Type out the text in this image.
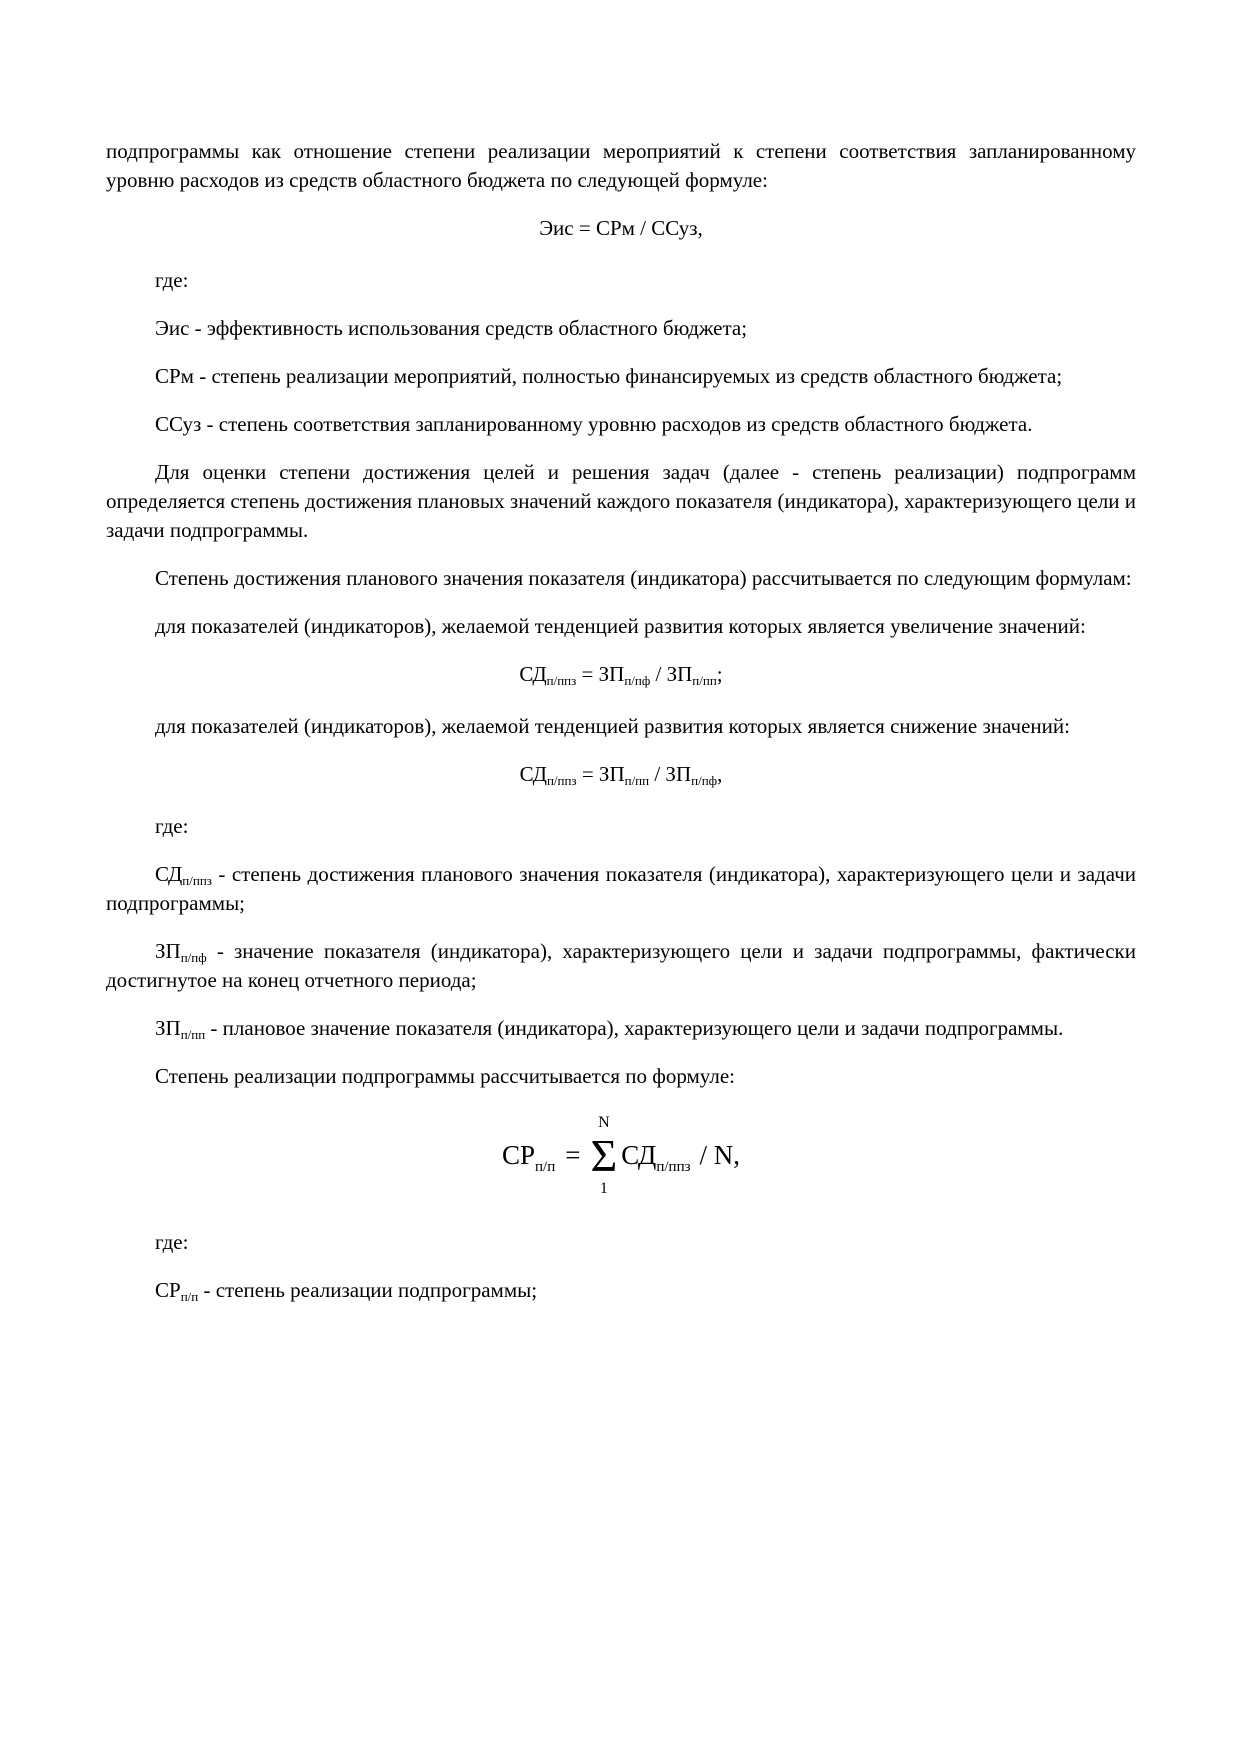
подпрограммы как отношение степени реализации мероприятий к степени соответствия запланированному уровню расходов из средств областного бюджета по следующей формуле:

Эис = СРм / ССуз,

где:

Эис - эффективность использования средств областного бюджета;

СРм - степень реализации мероприятий, полностью финансируемых из средств областного бюджета;

ССуз - степень соответствия запланированному уровню расходов из средств областного бюджета.

Для оценки степени достижения целей и решения задач (далее - степень реализации) подпрограмм определяется степень достижения плановых значений каждого показателя (индикатора), характеризующего цели и задачи подпрограммы.

Степень достижения планового значения показателя (индикатора) рассчитывается по следующим формулам:

для показателей (индикаторов), желаемой тенденцией развития которых является увеличение значений:

$СД_{п/ппз} = ЗП_{п/пф} / ЗП_{п/пп}$;

для показателей (индикаторов), желаемой тенденцией развития которых является снижение значений:

$СД_{п/ппз} = ЗП_{п/пп} / ЗП_{п/пф}$,

где:

$СД_{п/ппз}$ - степень достижения планового значения показателя (индикатора), характеризующего цели и задачи подпрограммы;

$ЗП_{п/пф}$ - значение показателя (индикатора), характеризующего цели и задачи подпрограммы, фактически достигнутое на конец отчетного периода;

$ЗП_{п/пп}$ - плановое значение показателя (индикатора), характеризующего цели и задачи подпрограммы.

Степень реализации подпрограммы рассчитывается по формуле:

$СР_{п/п}$ =
N
Σ
1
$СД_{п/ппз}$ / N,

где:

$СР_{п/п}$ - степень реализации подпрограммы;
